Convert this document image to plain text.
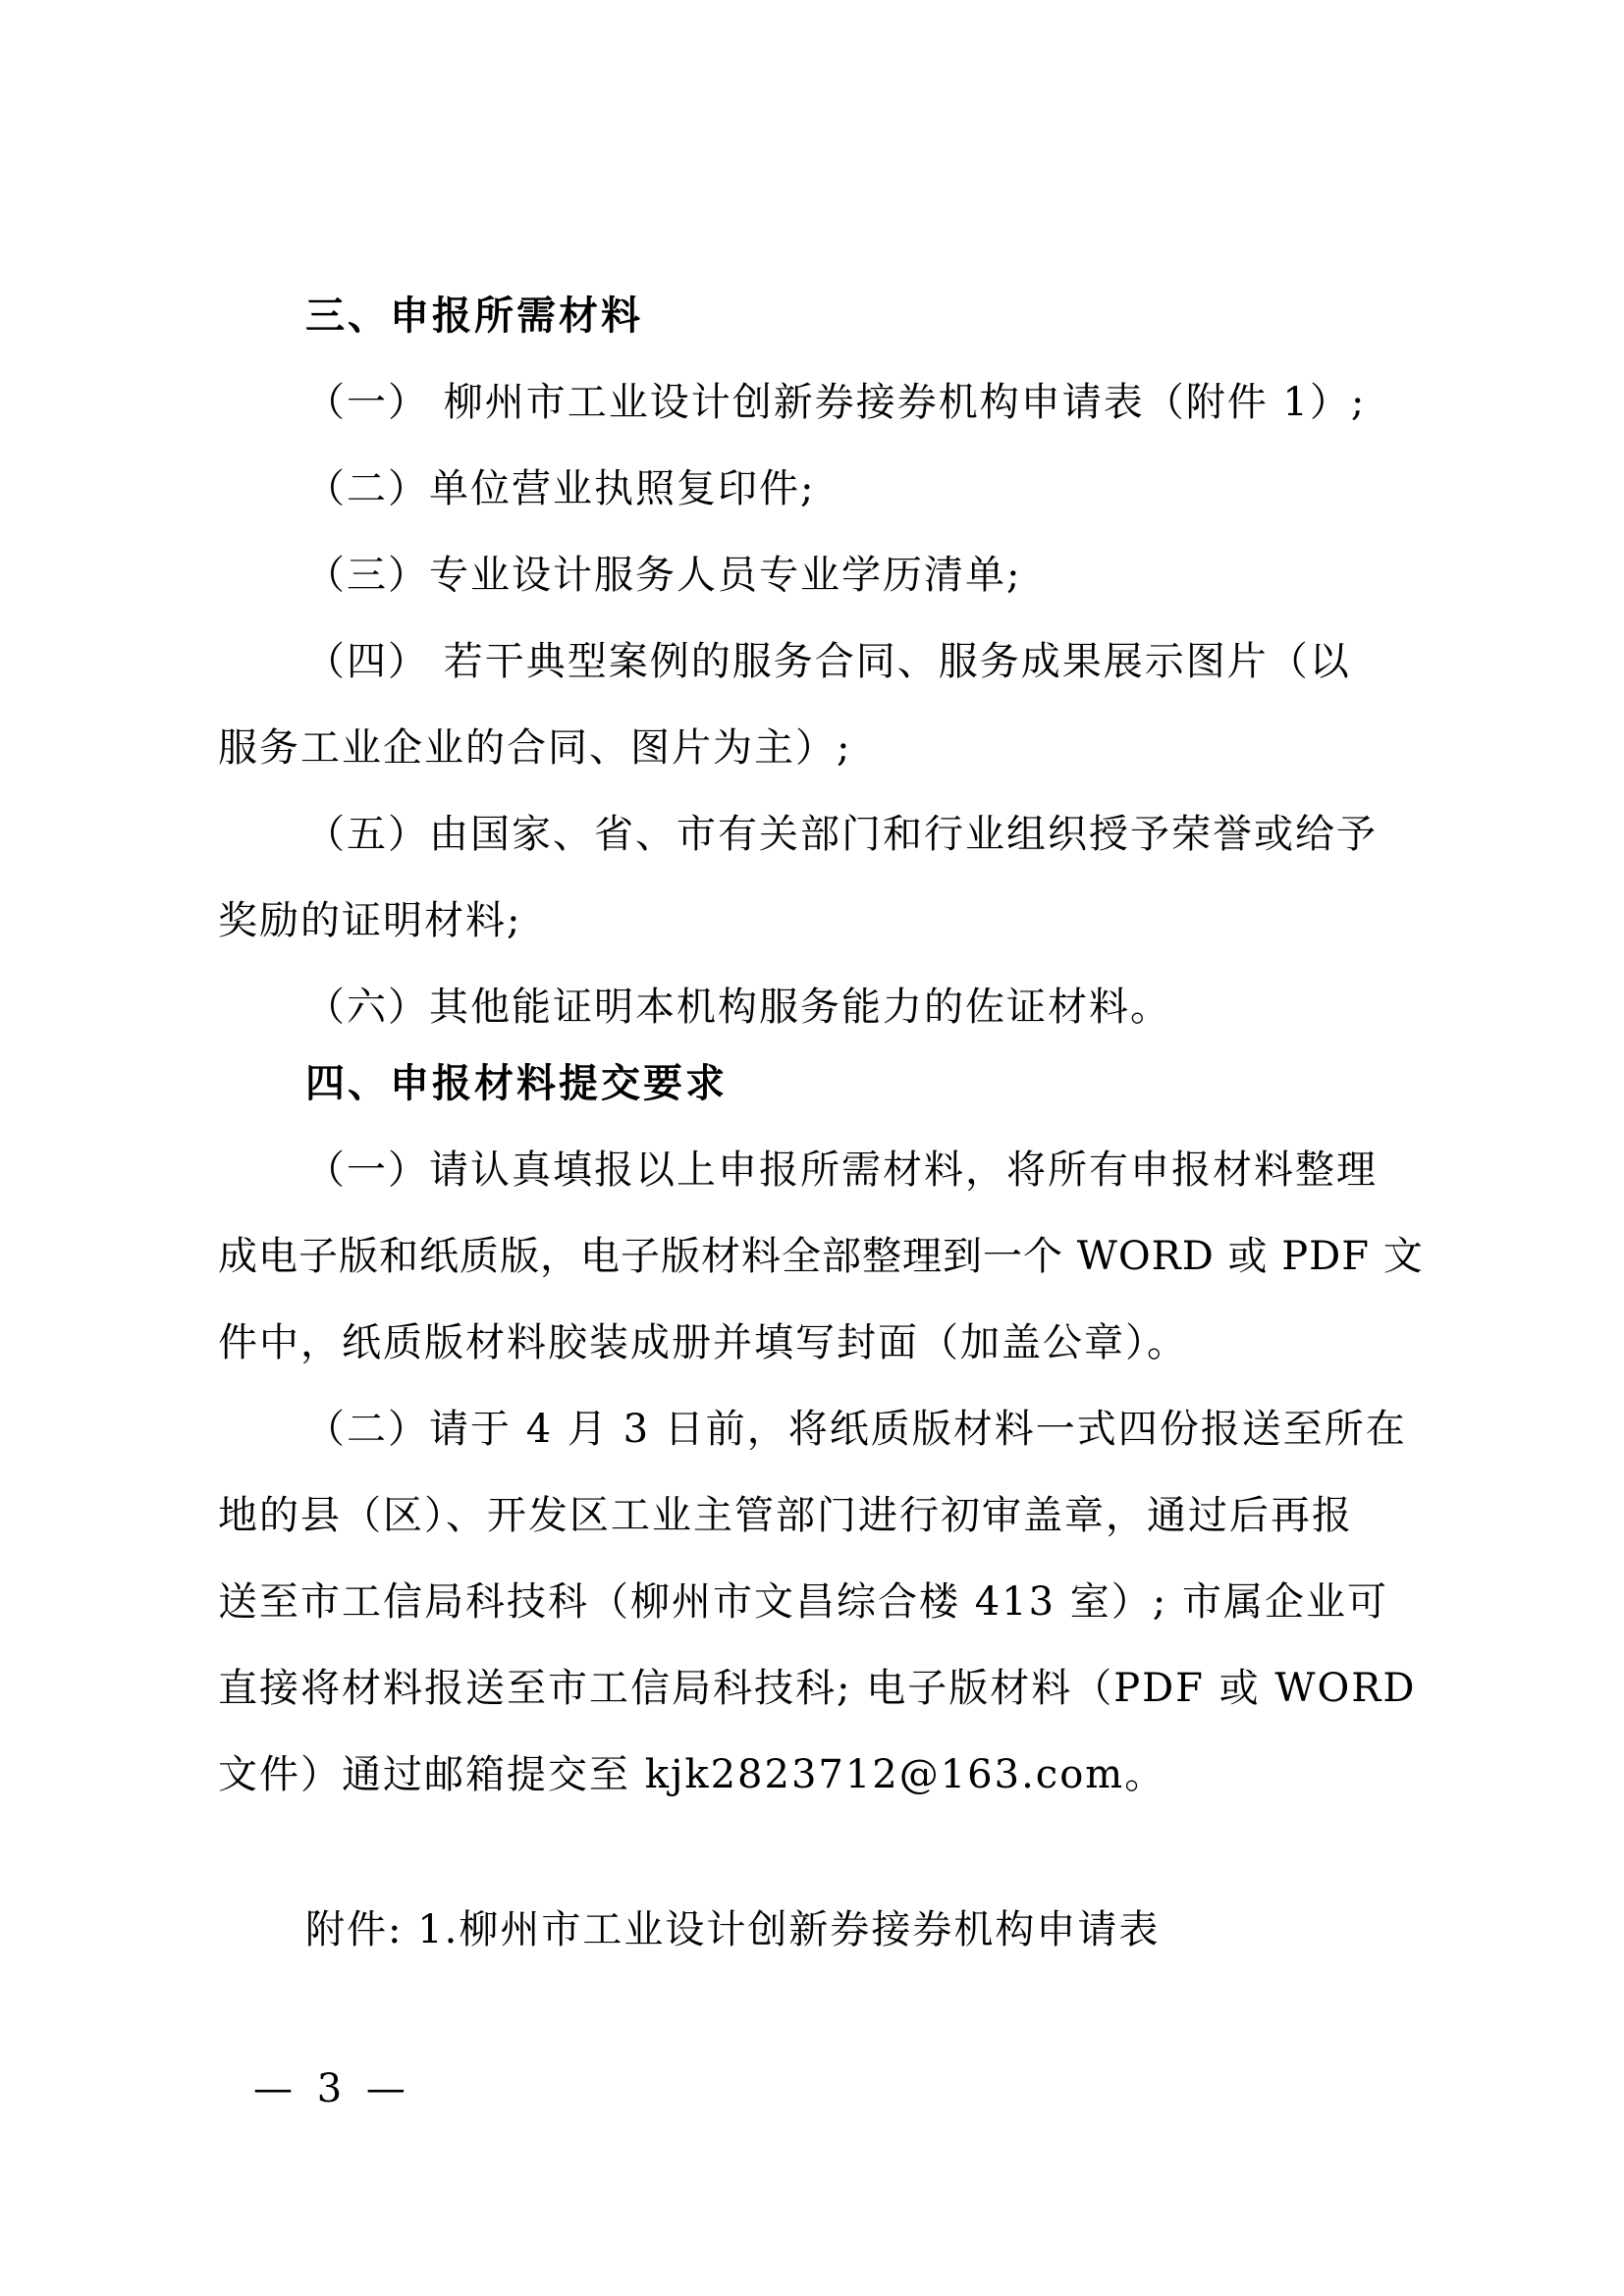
三、申报所需材料
（一） 柳州市工业设计创新券接券机构申请表（附件 1）;
（二）单位营业执照复印件;
（三）专业设计服务人员专业学历清单;
（四） 若干典型案例的服务合同、服务成果展示图片（以
服务工业企业的合同、图片为主）;
（五）由国家、省、市有关部门和行业组织授予荣誉或给予
奖励的证明材料;
（六）其他能证明本机构服务能力的佐证材料。
四、申报材料提交要求
（一）请认真填报以上申报所需材料，将所有申报材料整理
成电子版和纸质版，电子版材料全部整理到一个 WORD 或 PDF 文
件中，纸质版材料胶装成册并填写封面（加盖公章）。
（二）请于 4 月 3 日前，将纸质版材料一式四份报送至所在
地的县（区）、开发区工业主管部门进行初审盖章，通过后再报
送至市工信局科技科（柳州市文昌综合楼 413 室）; 市属企业可
直接将材料报送至市工信局科技科; 电子版材料（PDF 或 WORD
文件）通过邮箱提交至 kjk2823712@163.com。
附件: 1.柳州市工业设计创新券接券机构申请表
— 3 —
